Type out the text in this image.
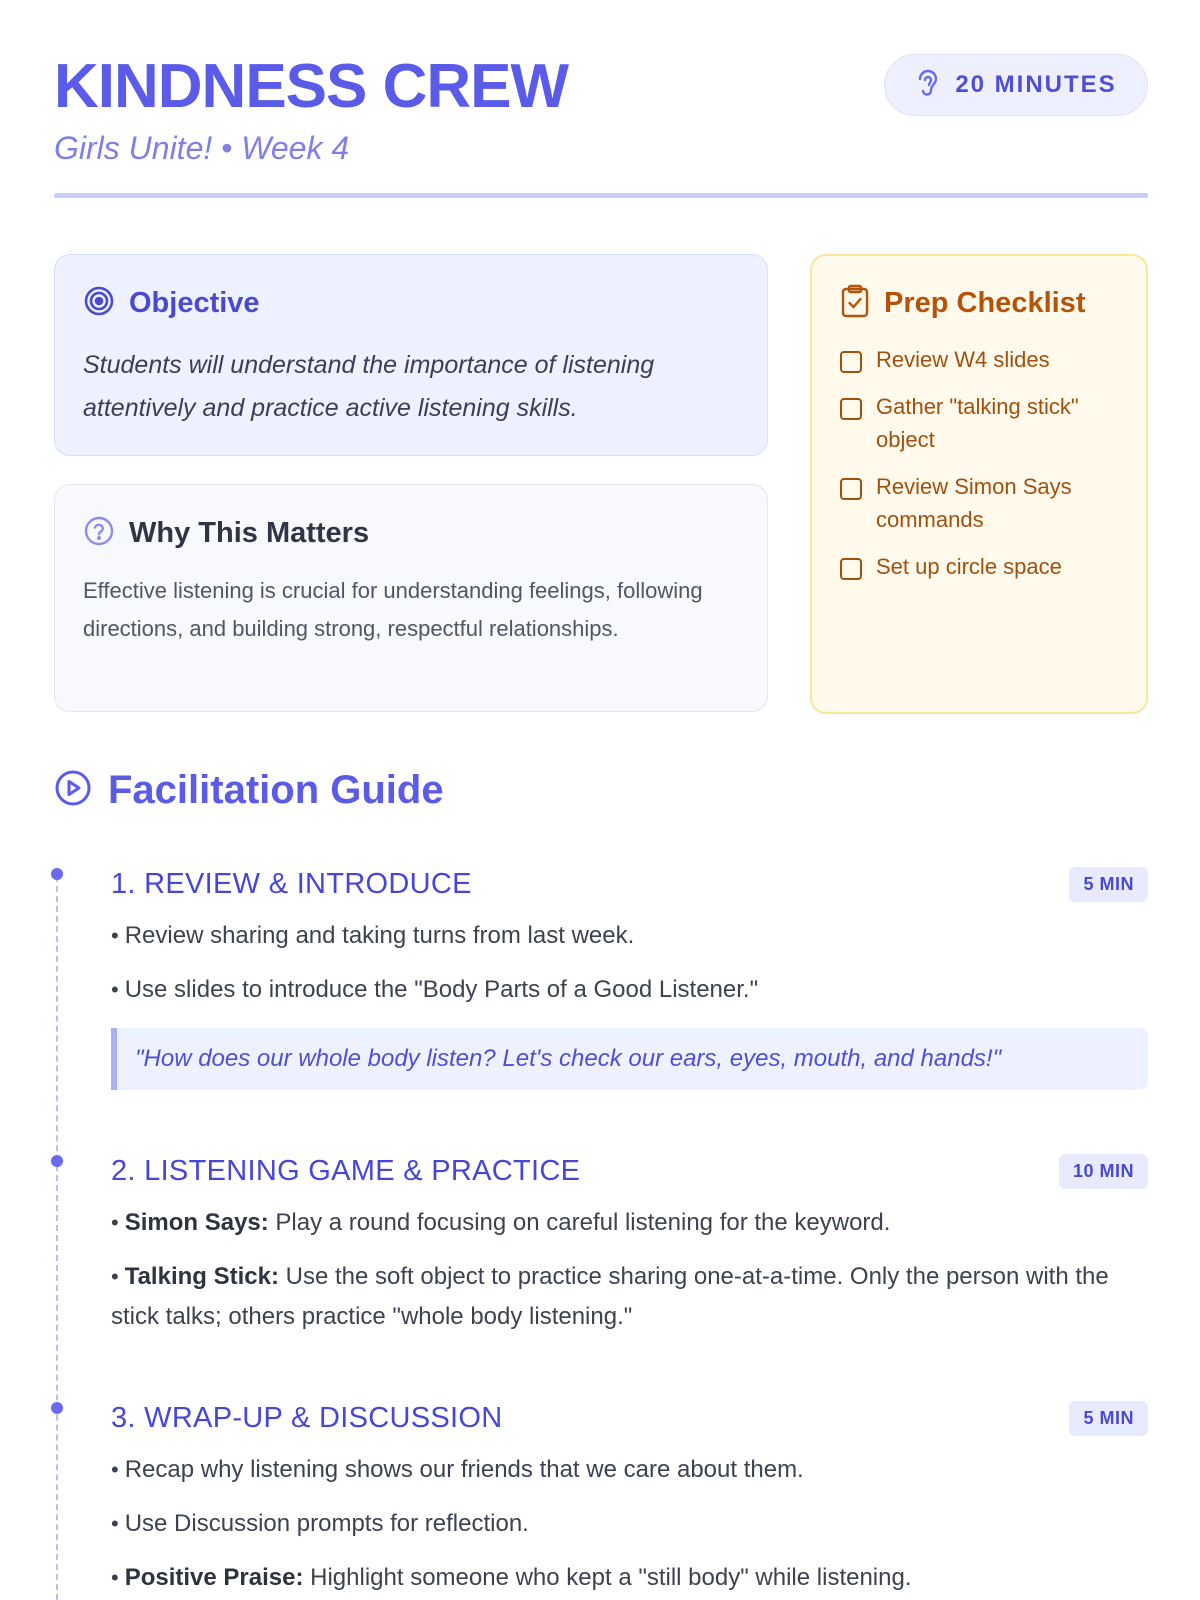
KINDNESS CREW
Girls Unite! • Week 4
20 MINUTES
Objective
Students will understand the importance of listening attentively and practice active listening skills.
Why This Matters
Effective listening is crucial for understanding feelings, following directions, and building strong, respectful relationships.
Prep Checklist
Review W4 slides
Gather "talking stick" object
Review Simon Says commands
Set up circle space
Facilitation Guide
1. REVIEW & INTRODUCE	5 MIN
• Review sharing and taking turns from last week.
• Use slides to introduce the "Body Parts of a Good Listener."
"How does our whole body listen? Let's check our ears, eyes, mouth, and hands!"
2. LISTENING GAME & PRACTICE	10 MIN
• Simon Says: Play a round focusing on careful listening for the keyword.
• Talking Stick: Use the soft object to practice sharing one-at-a-time. Only the person with the stick talks; others practice "whole body listening."
3. WRAP-UP & DISCUSSION	5 MIN
• Recap why listening shows our friends that we care about them.
• Use Discussion prompts for reflection.
• Positive Praise: Highlight someone who kept a "still body" while listening.
